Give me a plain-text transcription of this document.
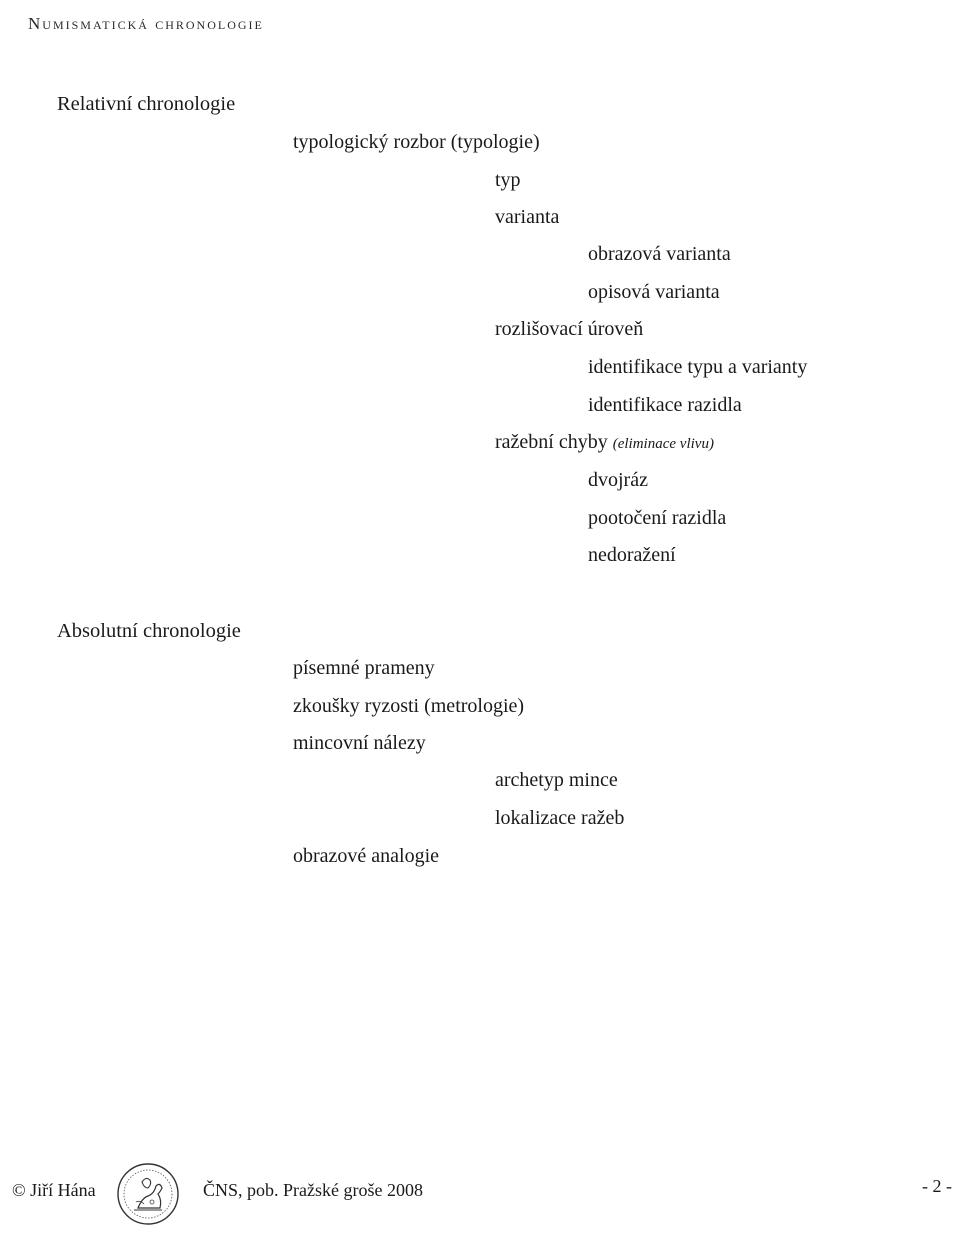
Numismatická chronologie
Relativní chronologie
typologický rozbor (typologie)
typ
varianta
obrazová varianta
opisová varianta
rozlišovací úroveň
identifikace typu a varianty
identifikace razidla
ražební chyby (eliminace vlivu)
dvojráz
pootočení razidla
nedoražení
Absolutní chronologie
písemné prameny
zkoušky ryzosti (metrologie)
mincovní nálezy
archetyp mince
lokalizace ražeb
obrazové analogie
© Jiří Hána	ČNS, pob. Pražské groše 2008	- 2 -
